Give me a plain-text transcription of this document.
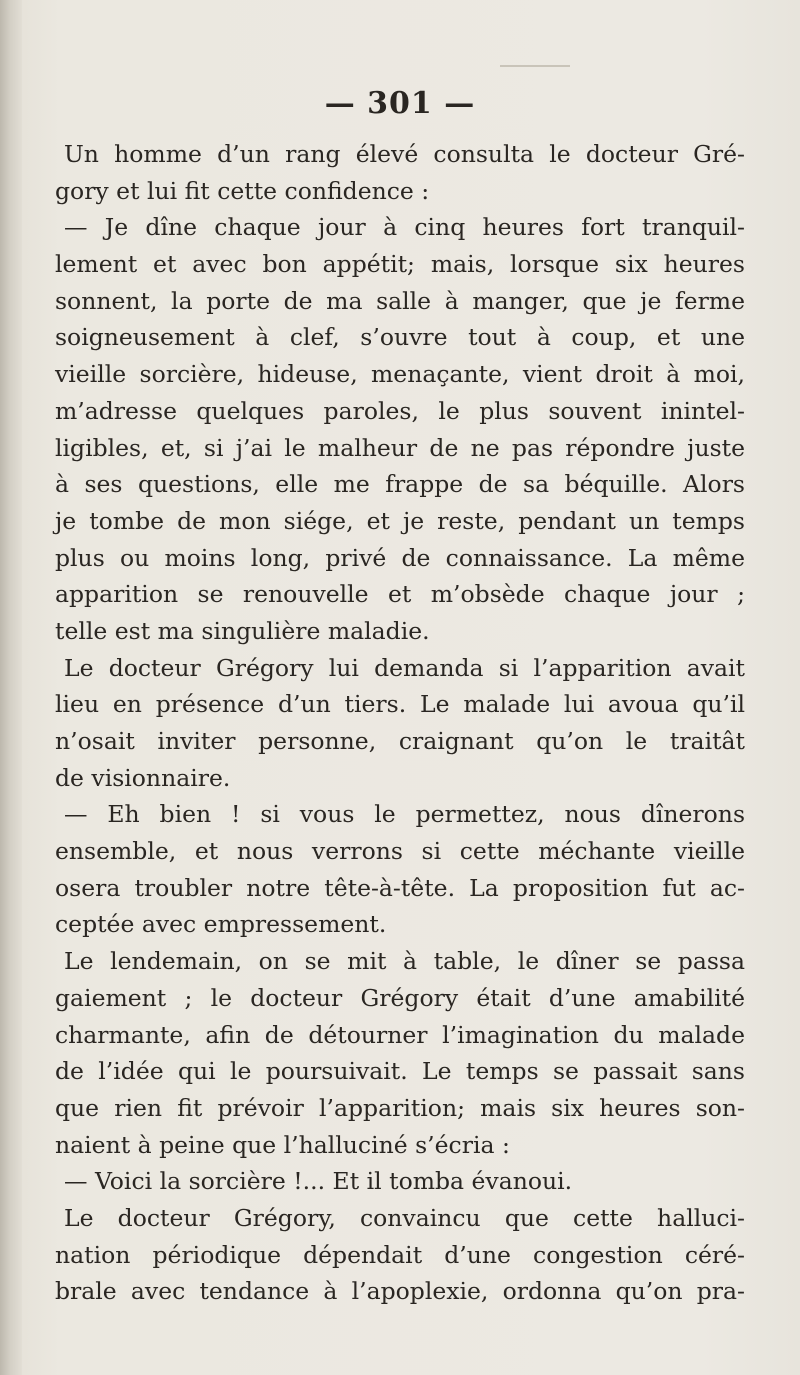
— 301 —
Un homme d’un rang élevé consulta le docteur Gré-
gory et lui fit cette confidence :
— Je dîne chaque jour à cinq heures fort tranquil-
lement et avec bon appétit; mais, lorsque six heures
sonnent, la porte de ma salle à manger, que je ferme
soigneusement à clef, s’ouvre tout à coup, et une
vieille sorcière, hideuse, menaçante, vient droit à moi,
m’adresse quelques paroles, le plus souvent inintel-
ligibles, et, si j’ai le malheur de ne pas répondre juste
à ses questions, elle me frappe de sa béquille. Alors
je tombe de mon siége, et je reste, pendant un temps
plus ou moins long, privé de connaissance. La même
apparition se renouvelle et m’obsède chaque jour ;
telle est ma singulière maladie.
Le docteur Grégory lui demanda si l’apparition avait
lieu en présence d’un tiers. Le malade lui avoua qu’il
n’osait inviter personne, craignant qu’on le traitât
de visionnaire.
— Eh bien ! si vous le permettez, nous dînerons
ensemble, et nous verrons si cette méchante vieille
osera troubler notre tête-à-tête. La proposition fut ac-
ceptée avec empressement.
Le lendemain, on se mit à table, le dîner se passa
gaiement ; le docteur Grégory était d’une amabilité
charmante, afin de détourner l’imagination du malade
de l’idée qui le poursuivait. Le temps se passait sans
que rien fit prévoir l’apparition; mais six heures son-
naient à peine que l’halluciné s’écria :
— Voici la sorcière !... Et il tomba évanoui.
Le docteur Grégory, convaincu que cette halluci-
nation périodique dépendait d’une congestion céré-
brale avec tendance à l’apoplexie, ordonna qu’on pra-
